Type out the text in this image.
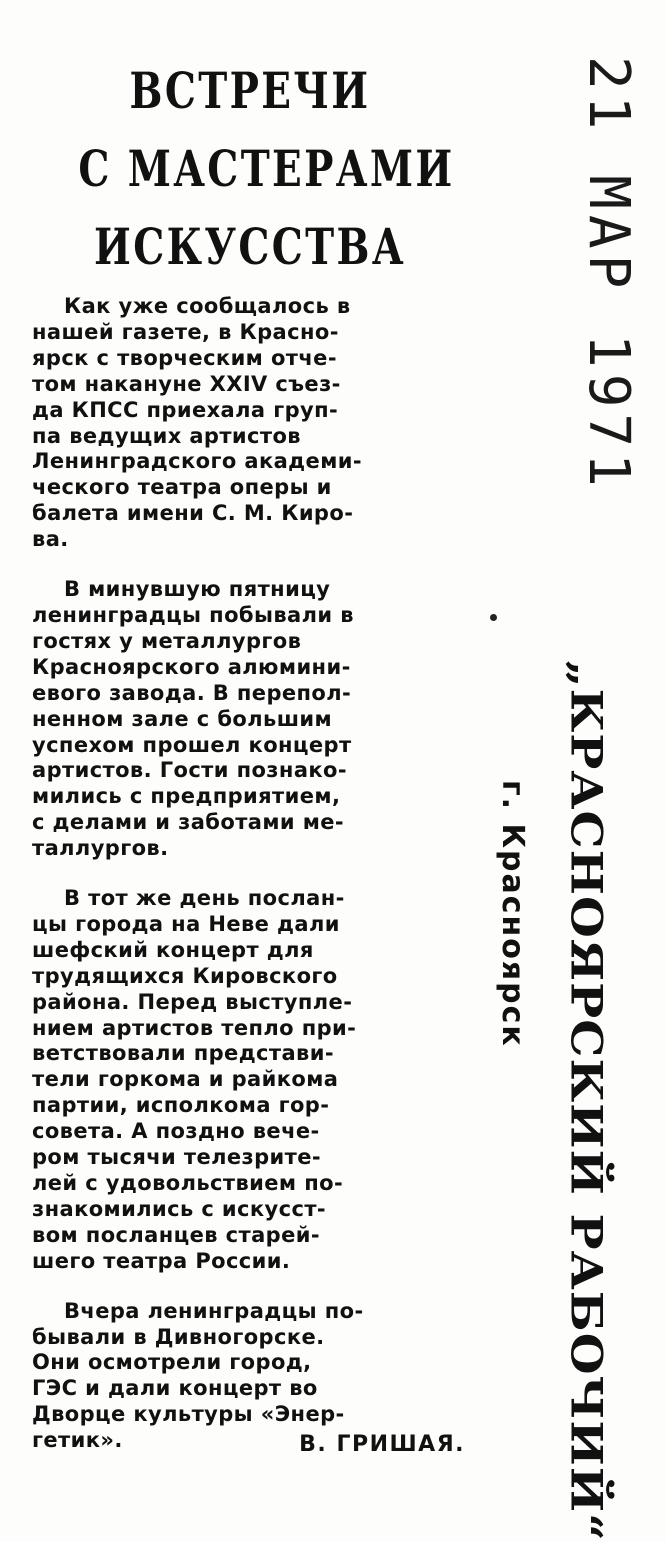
ВСТРЕЧИ
С МАСТЕРАМИ
ИСКУССТВА

Как уже сообщалось в
нашей газете, в Красно-
ярск с творческим отче-
том накануне XXIV съез-
да КПСС приехала груп-
па ведущих артистов
Ленинградского академи-
ческого театра оперы и
балета имени С. М. Киро-
ва.

В минувшую пятницу
ленинградцы побывали в
гостях у металлургов
Красноярского алюмини-
евого завода. В перепол-
ненном зале с большим
успехом прошел концерт
артистов. Гости познако-
мились с предприятием,
с делами и заботами ме-
таллургов.

В тот же день послан-
цы города на Неве дали
шефский концерт для
трудящихся Кировского
района. Перед выступле-
нием артистов тепло при-
ветствовали представи-
тели горкома и райкома
партии, исполкома гор-
совета. А поздно вече-
ром тысячи телезрите-
лей с удовольствием по-
знакомились с искусст-
вом посланцев старей-
шего театра России.

Вчера ленинградцы по-
бывали в Дивногорске.
Они осмотрели город,
ГЭС и дали концерт во
Дворце культуры «Энер-
гетик».	В. ГРИШАЯ.
21 МАР 1971
„КРАСНОЯРСКИЙ РАБОЧИЙ“
г. Красноярск
